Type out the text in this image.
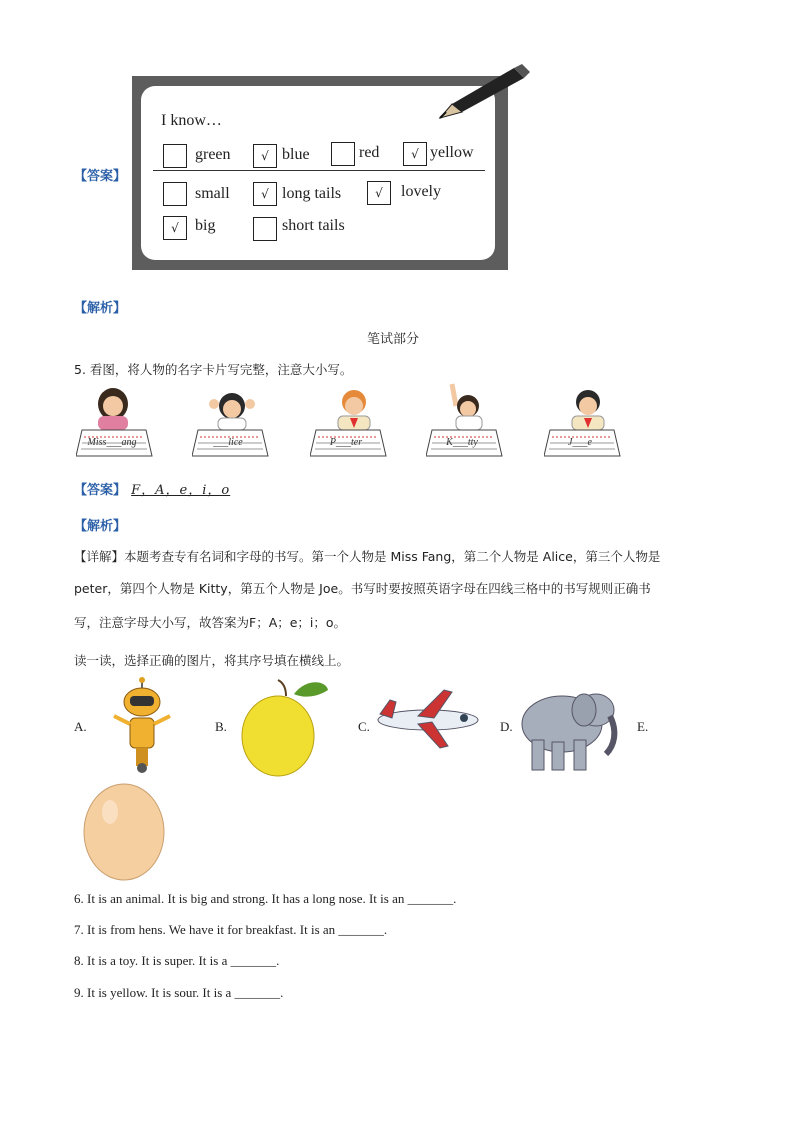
【答案】
I know…
green	√ blue	red	√ yellow
small	√ long tails	√	lovely
√	big	short tails
【解析】
笔试部分
5. 看图，将人物的名字卡片写完整，注意大小写。
Miss___ang	___lice	P___ter	K___tty	J___e
【答案】 F，A，e，i，o
【解析】
【详解】本题考查专有名词和字母的书写。第一个人物是 Miss Fang，第二个人物是 Alice，第三个人物是
peter，第四个人物是 Kitty，第五个人物是 Joe。书写时要按照英语字母在四线三格中的书写规则正确书
写，注意字母大小写，故答案为F；A；e；i；o。
读一读，选择正确的图片，将其序号填在横线上。
A.	B.	C.	D.	E.
6. It is an animal. It is big and strong. It has a long nose. It is an _______.
7. It is from hens. We have it for breakfast. It is an _______.
8. It is a toy. It is super. It is a _______.
9. It is yellow. It is sour. It is a _______.
